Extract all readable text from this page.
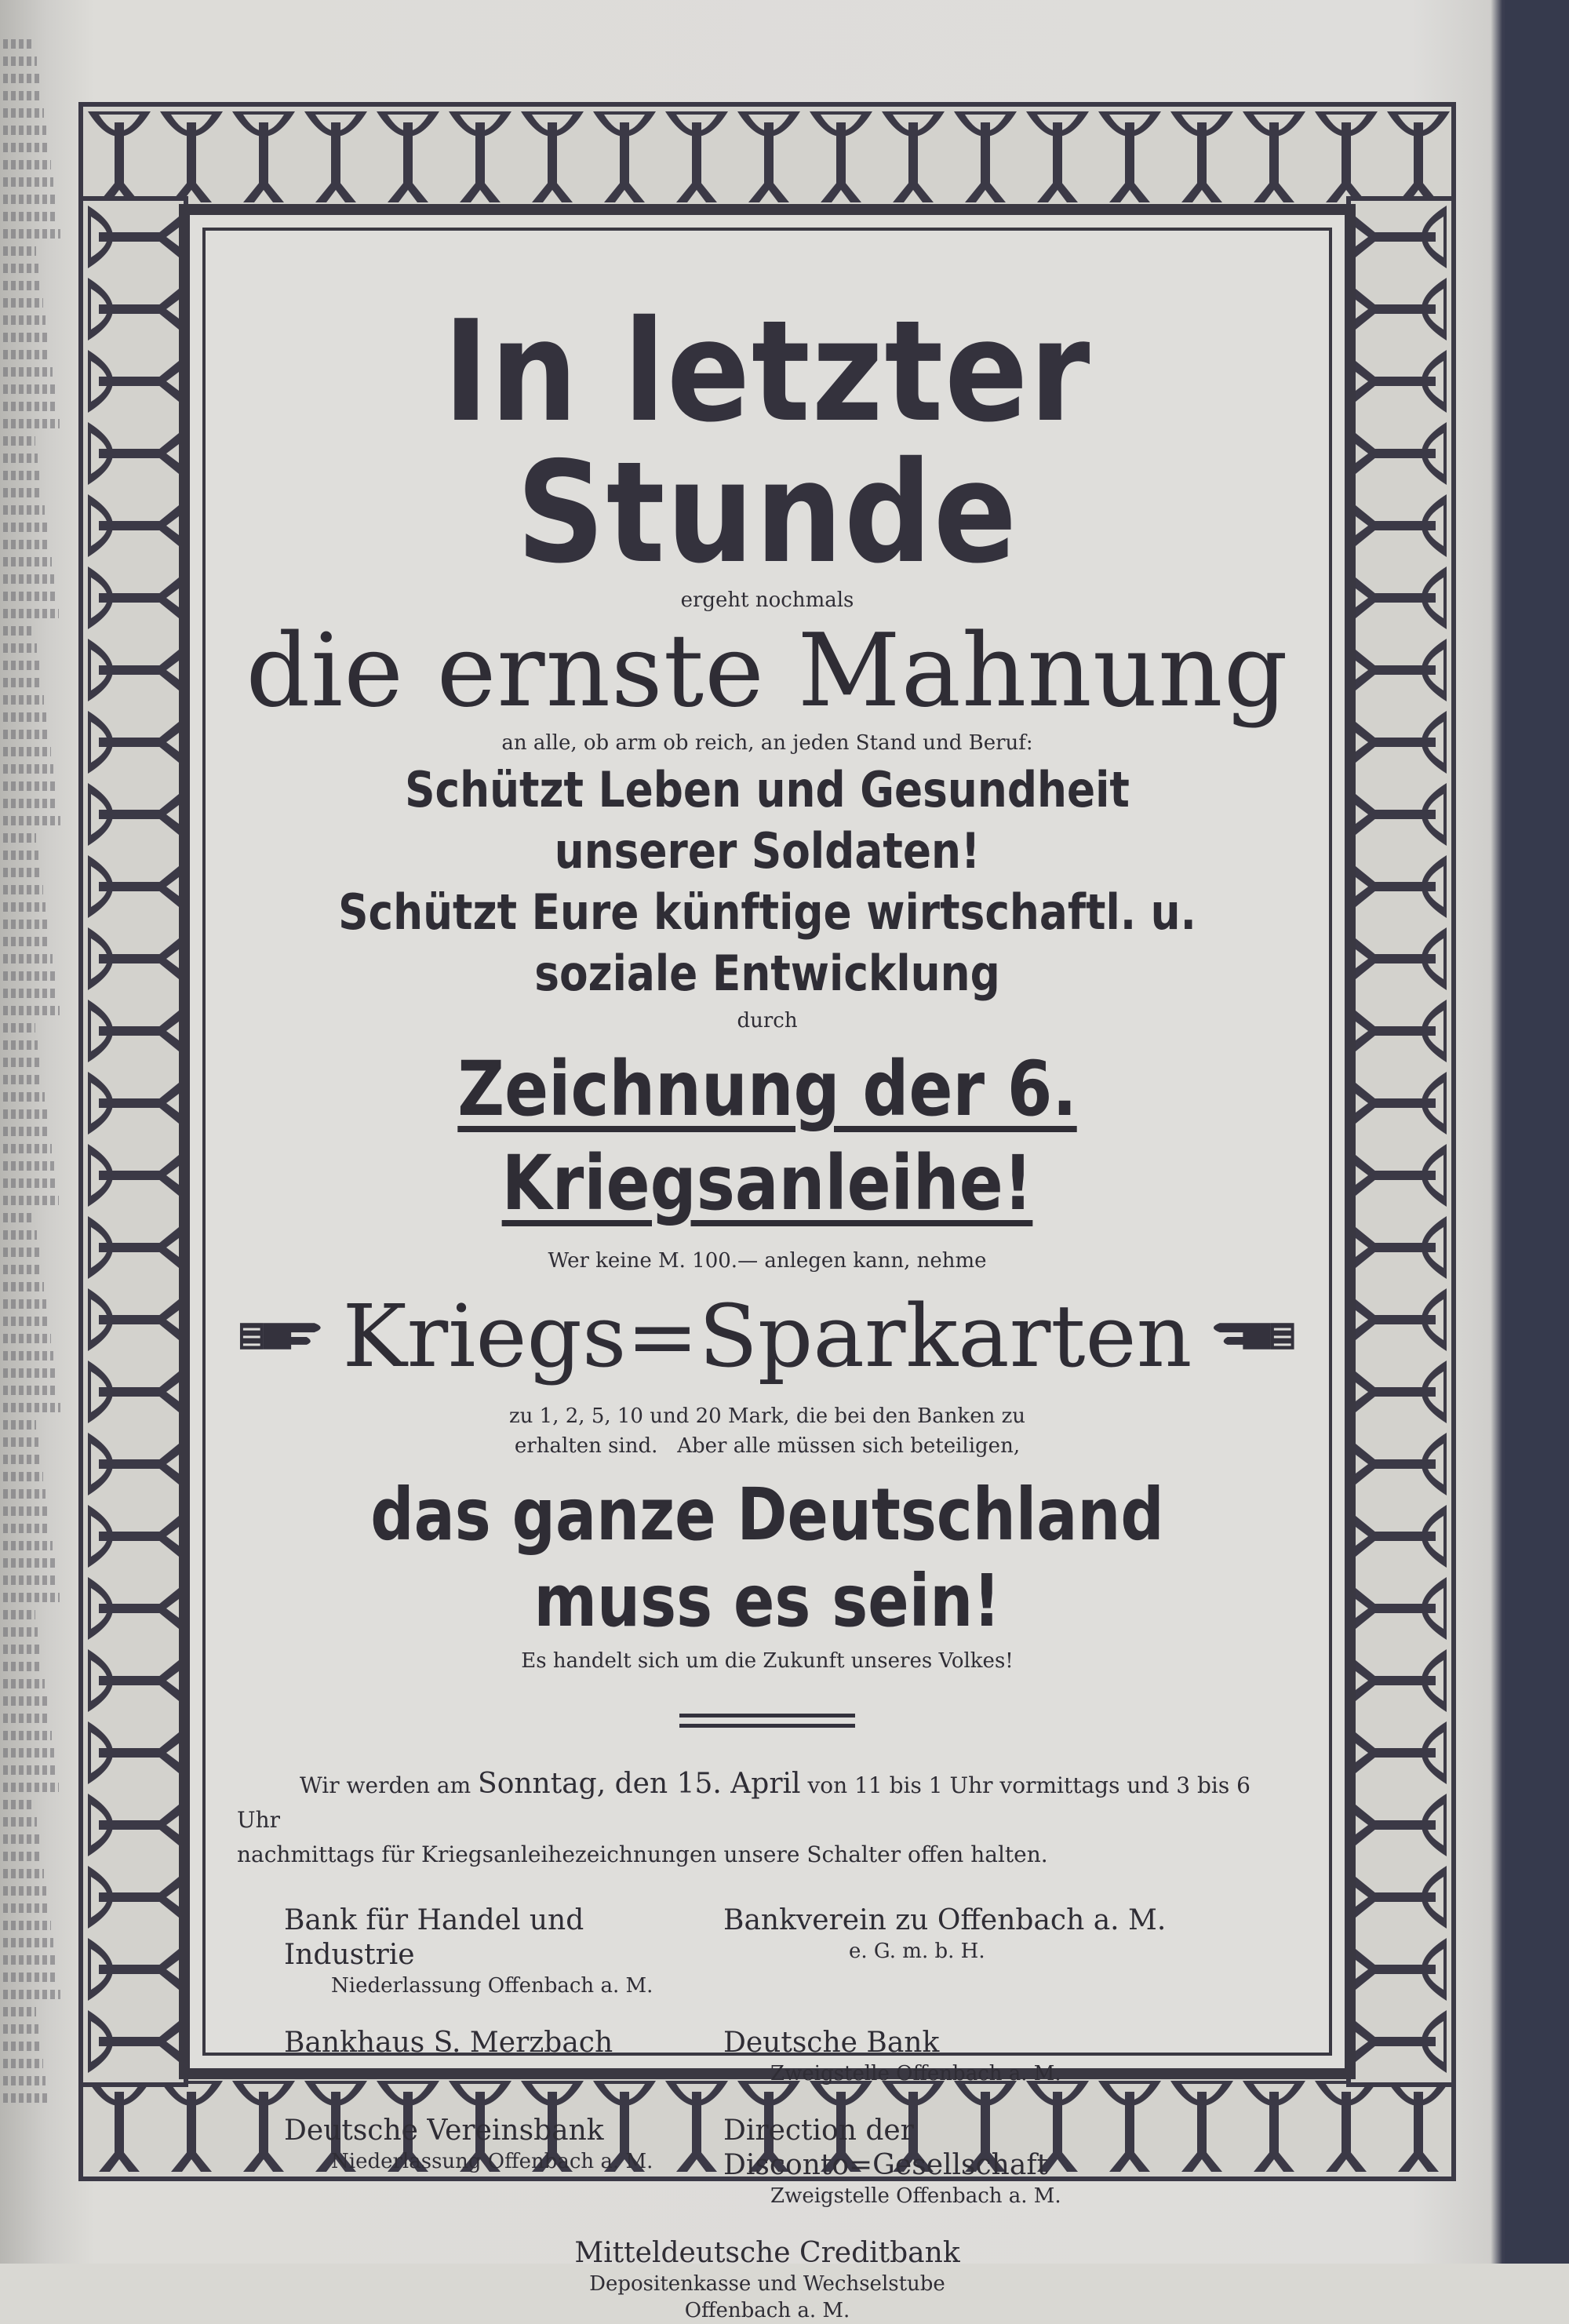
In letzter Stunde

ergeht nochmals

die ernste Mahnung

an alle, ob arm ob reich, an jeden Stand und Beruf:

Schützt Leben und Gesundheit unserer Soldaten!

Schützt Eure künftige wirtschaftl. u. soziale Entwicklung

durch

Zeichnung der 6. Kriegsanleihe!

Wer keine M. 100.— anlegen kann, nehme

Kriegs=Sparkarten

zu 1, 2, 5, 10 und 20 Mark, die bei den Banken zu

erhalten sind.   Aber alle müssen sich beteiligen,

das ganze Deutschland muss es sein!

Es handelt sich um die Zukunft unseres Volkes!

Wir werden am Sonntag, den 15. April von 11 bis 1 Uhr vormittags und 3 bis 6 Uhr
nachmittags für Kriegsanleihezeichnungen unsere Schalter offen halten.

Bank für Handel und Industrie
Niederlassung Offenbach a. M.
Bankverein zu Offenbach a. M.
e. G. m. b. H.
Bankhaus S. Merzbach	Deutsche Bank
Zweigstelle Offenbach a. M.
Deutsche Vereinsbank
Niederlassung Offenbach a. M.
Direction der Disconto=Gesellschaft
Zweigstelle Offenbach a. M.
Mitteldeutsche Creditbank
Depositenkasse und Wechselstube
Offenbach a. M.
